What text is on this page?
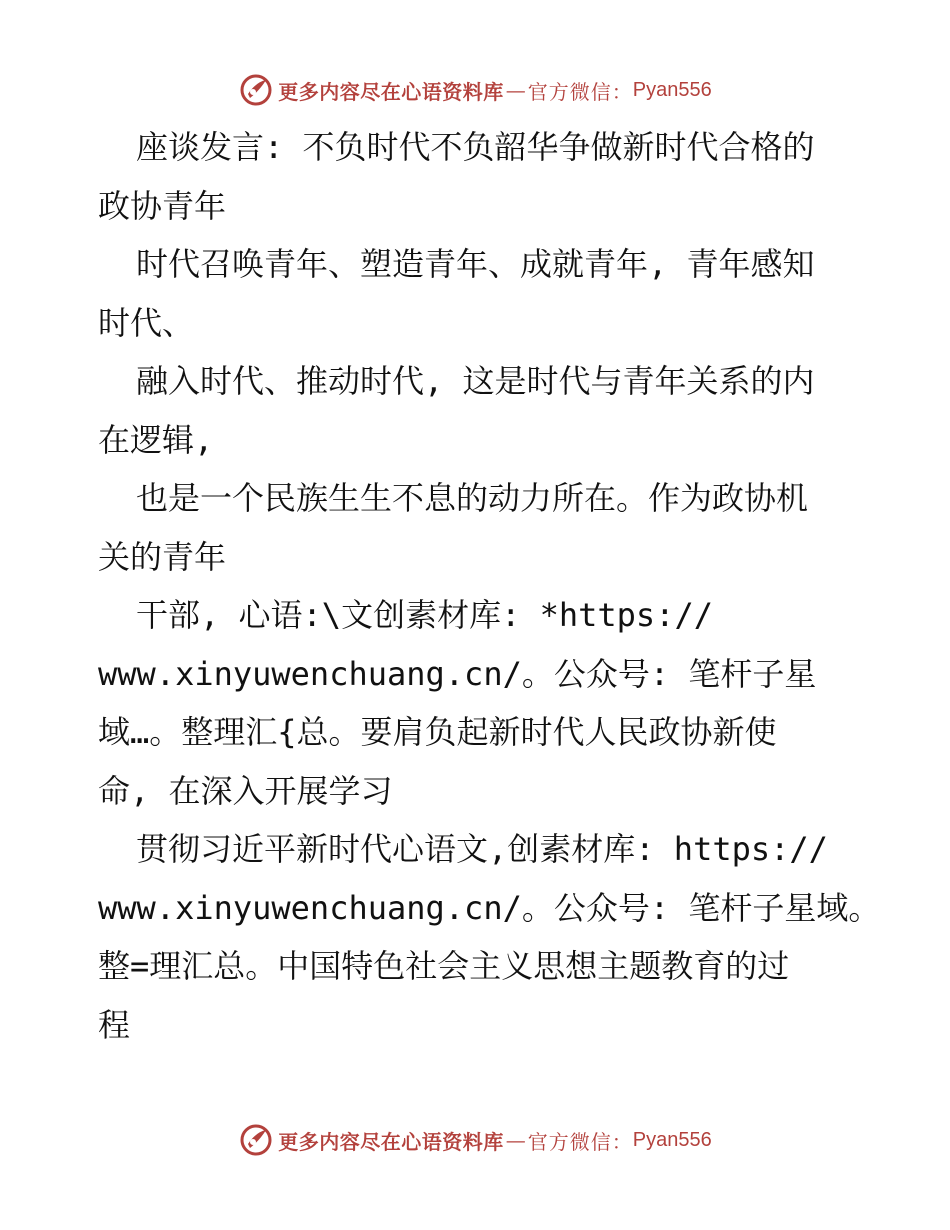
更多内容尽在心语资料库 — 官方微信： Pyan556
座谈发言: 不负时代不负韶华争做新时代合格的
政协青年
时代召唤青年、塑造青年、成就青年, 青年感知
时代、
融入时代、推动时代, 这是时代与青年关系的内
在逻辑,
也是一个民族生生不息的动力所在。作为政协机
关的青年
干部, 心语:\文创素材库: *https://
www.xinyuwenchuang.cn/。公众号: 笔杆子星
域…。整理汇{总。要肩负起新时代人民政协新使
命, 在深入开展学习
贯彻习近平新时代心语文,创素材库: https://
www.xinyuwenchuang.cn/。公众号: 笔杆子星域。
整=理汇总。中国特色社会主义思想主题教育的过
程
更多内容尽在心语资料库 — 官方微信： Pyan556
